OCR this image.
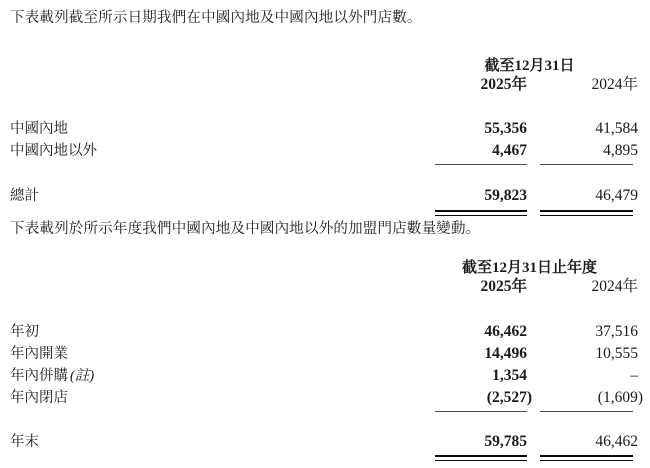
下表載列截至所示日期我們在中國內地及中國內地以外門店數。

截至12月31日
2025年	2024年
中國內地	55,356	41,584
中國內地以外	4,467	4,895
總計	59,823	46,479

下表載列於所示年度我們中國內地及中國內地以外的加盟門店數量變動。

截至12月31日止年度
2025年	2024年
年初	46,462	37,516
年內開業	14,496	10,555
年內併購 (註)	1,354	–
年內閉店	(2,527)	(1,609)
年末	59,785	46,462
